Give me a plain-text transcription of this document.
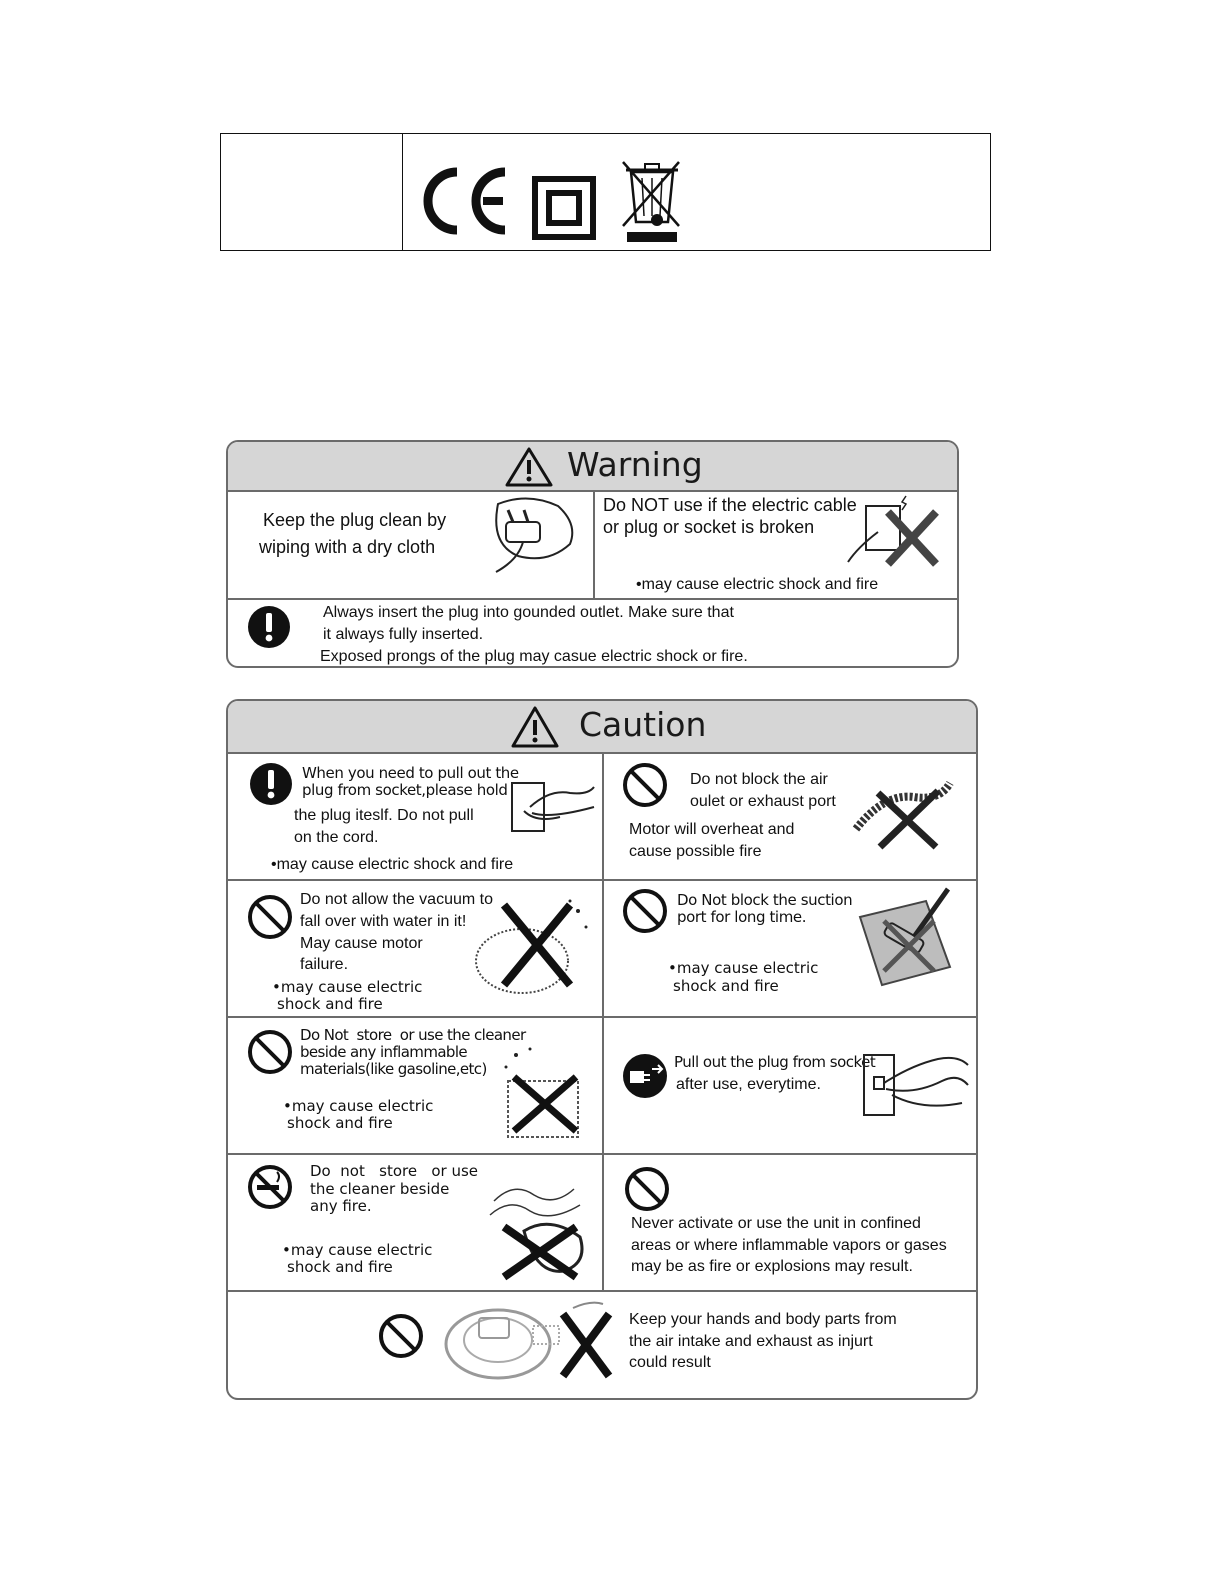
Warning
Keep the plug clean by
wiping with a dry cloth
Do NOT use if the electric cable
or plug or socket is broken
•may cause electric shock and fire
Always insert the plug into gounded outlet. Make sure that
it always fully inserted.
Exposed prongs of the plug may casue electric shock or fire.
Caution
When you need to pull out the
plug from socket,please hold
the plug iteslf. Do not pull
on the cord.
•may cause electric shock and fire
Do not block the air
oulet or exhaust port
Motor will overheat and
cause possible fire
Do not allow the vacuum to
fall over with water in it!
May cause motor
failure.
•may cause electric
shock and fire
Do Not block the suction
port for long time.
•may cause electric
shock and fire
Do Not  store  or use the cleaner
beside any inflammable
materials(like gasoline,etc)
•may cause electric
shock and fire
Pull out the plug from socket
after use, everytime.
Do  not   store   or use
the cleaner beside
any fire.
•may cause electric
shock and fire
Never activate or use the unit in confined
areas or where inflammable vapors or gases
may be as fire or explosions may result.
Keep your hands and body parts from
the air intake and exhaust as injurt
could result
